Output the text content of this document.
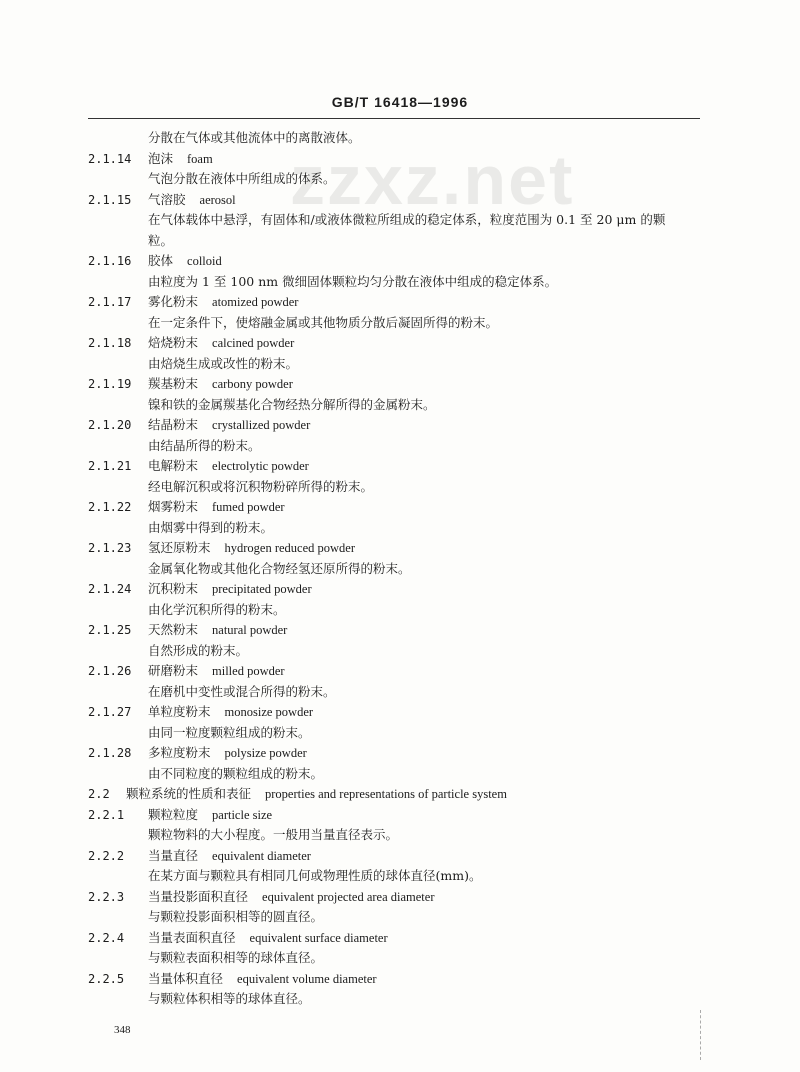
GB/T 16418—1996
zzxz.net
分散在气体或其他流体中的离散液体。
2.1.14	泡沫 foam
气泡分散在液体中所组成的体系。
2.1.15	气溶胶 aerosol
在气体载体中悬浮，有固体和/或液体微粒所组成的稳定体系，粒度范围为 0.1 至 20 μm 的颗
粒。
2.1.16	胶体 colloid
由粒度为 1 至 100 nm 微细固体颗粒均匀分散在液体中组成的稳定体系。
2.1.17	雾化粉末 atomized powder
在一定条件下，使熔融金属或其他物质分散后凝固所得的粉末。
2.1.18	焙烧粉末 calcined powder
由焙烧生成或改性的粉末。
2.1.19	羰基粉末 carbony powder
镍和铁的金属羰基化合物经热分解所得的金属粉末。
2.1.20	结晶粉末 crystallized powder
由结晶所得的粉末。
2.1.21	电解粉末 electrolytic powder
经电解沉积或将沉积物粉碎所得的粉末。
2.1.22	烟雾粉末 fumed powder
由烟雾中得到的粉末。
2.1.23	氢还原粉末 hydrogen reduced powder
金属氧化物或其他化合物经氢还原所得的粉末。
2.1.24	沉积粉末 precipitated powder
由化学沉积所得的粉末。
2.1.25	天然粉末 natural powder
自然形成的粉末。
2.1.26	研磨粉末 milled powder
在磨机中变性或混合所得的粉末。
2.1.27	单粒度粉末 monosize powder
由同一粒度颗粒组成的粉末。
2.1.28	多粒度粉末 polysize powder
由不同粒度的颗粒组成的粉末。
2.2	颗粒系统的性质和表征 properties and representations of particle system
2.2.1	颗粒粒度 particle size
颗粒物料的大小程度。一般用当量直径表示。
2.2.2	当量直径 equivalent diameter
在某方面与颗粒具有相同几何或物理性质的球体直径(mm)。
2.2.3	当量投影面积直径 equivalent projected area diameter
与颗粒投影面积相等的圆直径。
2.2.4	当量表面积直径 equivalent surface diameter
与颗粒表面积相等的球体直径。
2.2.5	当量体积直径 equivalent volume diameter
与颗粒体积相等的球体直径。
348
